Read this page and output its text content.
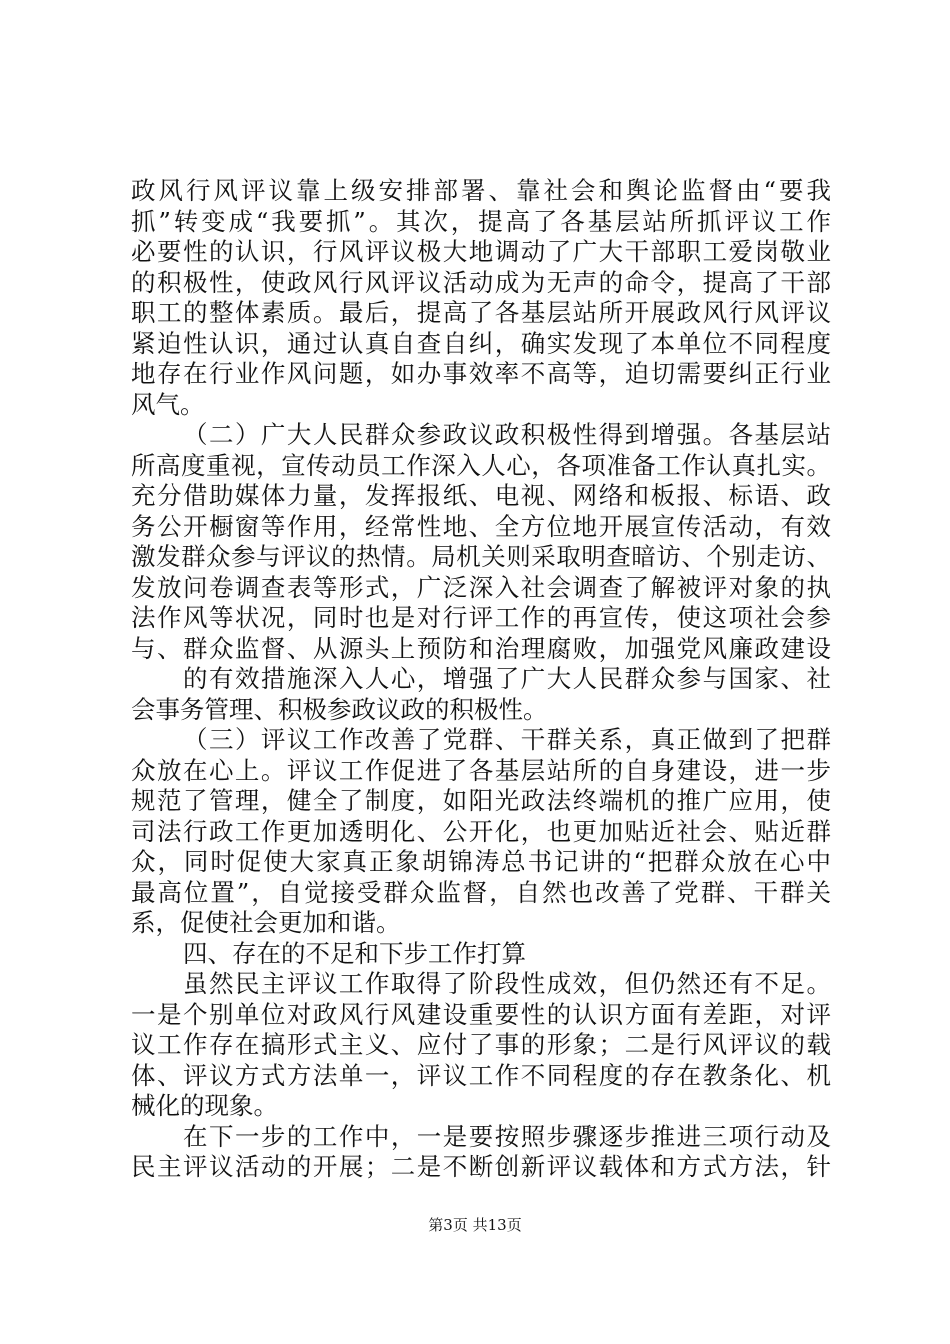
政风行风评议靠上级安排部署、靠社会和舆论监督由“要我
抓”转变成“我要抓”。其次，提高了各基层站所抓评议工作
必要性的认识，行风评议极大地调动了广大干部职工爱岗敬业
的积极性，使政风行风评议活动成为无声的命令，提高了干部
职工的整体素质。最后，提高了各基层站所开展政风行风评议
紧迫性认识，通过认真自查自纠，确实发现了本单位不同程度
地存在行业作风问题，如办事效率不高等，迫切需要纠正行业
风气。
（二）广大人民群众参政议政积极性得到增强。各基层站
所高度重视，宣传动员工作深入人心，各项准备工作认真扎实。
充分借助媒体力量，发挥报纸、电视、网络和板报、标语、政
务公开橱窗等作用，经常性地、全方位地开展宣传活动，有效
激发群众参与评议的热情。局机关则采取明查暗访、个别走访、
发放问卷调查表等形式，广泛深入社会调查了解被评对象的执
法作风等状况，同时也是对行评工作的再宣传，使这项社会参
与、群众监督、从源头上预防和治理腐败，加强党风廉政建设
的有效措施深入人心，增强了广大人民群众参与国家、社
会事务管理、积极参政议政的积极性。
（三）评议工作改善了党群、干群关系，真正做到了把群
众放在心上。评议工作促进了各基层站所的自身建设，进一步
规范了管理，健全了制度，如阳光政法终端机的推广应用，使
司法行政工作更加透明化、公开化，也更加贴近社会、贴近群
众，同时促使大家真正象胡锦涛总书记讲的“把群众放在心中
最高位置”，自觉接受群众监督，自然也改善了党群、干群关
系，促使社会更加和谐。
四、存在的不足和下步工作打算
虽然民主评议工作取得了阶段性成效，但仍然还有不足。
一是个别单位对政风行风建设重要性的认识方面有差距，对评
议工作存在搞形式主义、应付了事的形象；二是行风评议的载
体、评议方式方法单一，评议工作不同程度的存在教条化、机
械化的现象。
在下一步的工作中，一是要按照步骤逐步推进三项行动及
民主评议活动的开展；二是不断创新评议载体和方式方法，针
第3页 共13页
